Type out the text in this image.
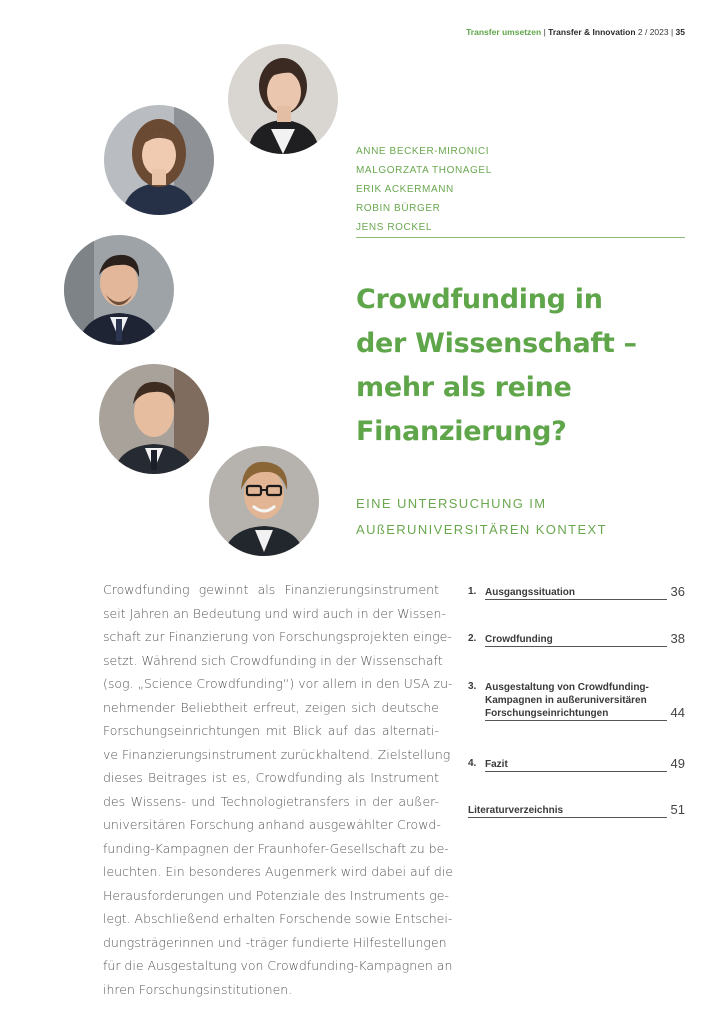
Transfer umsetzen | Transfer & Innovation 2 / 2023 | 35
ANNE BECKER-MIRONICI
MALGORZATA THONAGEL
ERIK ACKERMANN
ROBIN BÜRGER
JENS ROCKEL
Crowdfunding in
der Wissenschaft –
mehr als reine
Finanzierung?
EINE UNTERSUCHUNG IM
AUßERUNIVERSITÄREN KONTEXT
Crowdfunding gewinnt als Finanzierungsinstrument
seit Jahren an Bedeutung und wird auch in der Wissen-
schaft zur Finanzierung von Forschungsprojekten einge-
setzt. Während sich Crowdfunding in der Wissenschaft
(sog. „Science Crowdfunding“) vor allem in den USA zu-
nehmender Beliebtheit erfreut, zeigen sich deutsche
Forschungseinrichtungen mit Blick auf das alternati-
ve Finanzierungsinstrument zurückhaltend. Zielstellung
dieses Beitrages ist es, Crowdfunding als Instrument
des Wissens- und Technologietransfers in der außer-
universitären Forschung anhand ausgewählter Crowd-
funding-Kampagnen der Fraunhofer-Gesellschaft zu be-
leuchten. Ein besonderes Augenmerk wird dabei auf die
Herausforderungen und Potenziale des Instruments ge-
legt. Abschließend erhalten Forschende sowie Entschei-
dungsträgerinnen und -träger fundierte Hilfestellungen
für die Ausgestaltung von Crowdfunding-Kampagnen an
ihren Forschungsinstitutionen.
1. Ausgangssituation	36
2. Crowdfunding	38
3. Ausgestaltung von Crowdfunding-
Kampagnen in außeruniversitären
Forschungseinrichtungen	44
4. Fazit	49
Literaturverzeichnis	51
